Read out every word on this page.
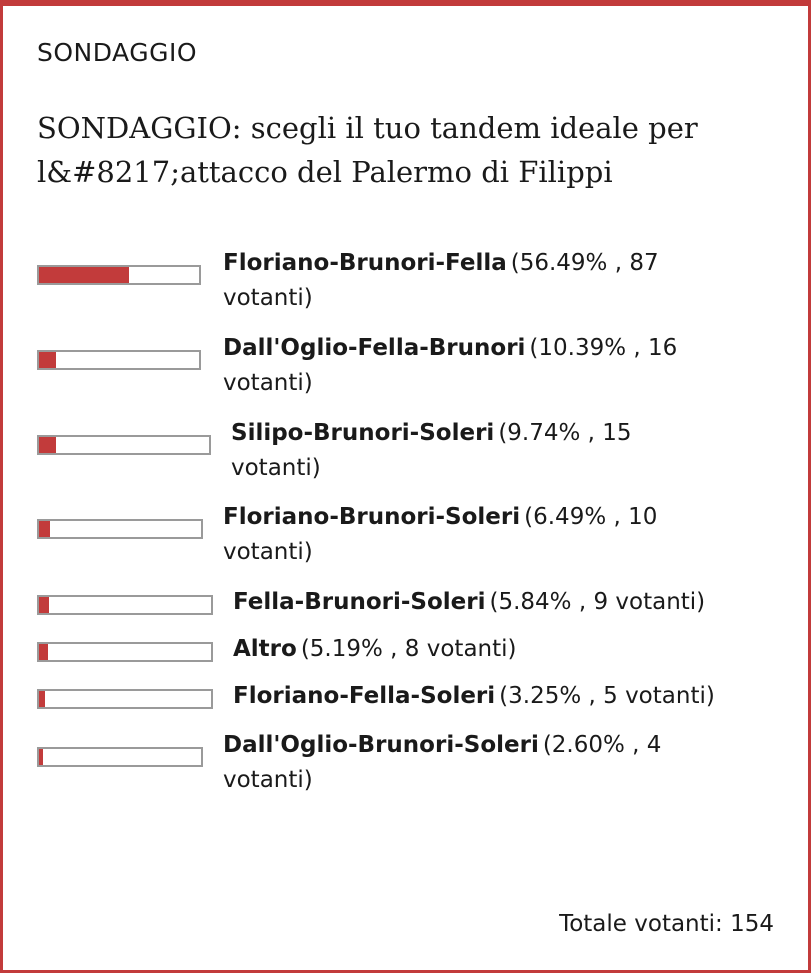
SONDAGGIO
SONDAGGIO: scegli il tuo tandem ideale per l&#8217;attacco del Palermo di Filippi
Floriano-Brunori-Fella (56.49% , 87 votanti)
Dall'Oglio-Fella-Brunori (10.39% , 16 votanti)
Silipo-Brunori-Soleri (9.74% , 15 votanti)
Floriano-Brunori-Soleri (6.49% , 10 votanti)
Fella-Brunori-Soleri (5.84% , 9 votanti)
Altro (5.19% , 8 votanti)
Floriano-Fella-Soleri (3.25% , 5 votanti)
Dall'Oglio-Brunori-Soleri (2.60% , 4 votanti)
Totale votanti: 154
